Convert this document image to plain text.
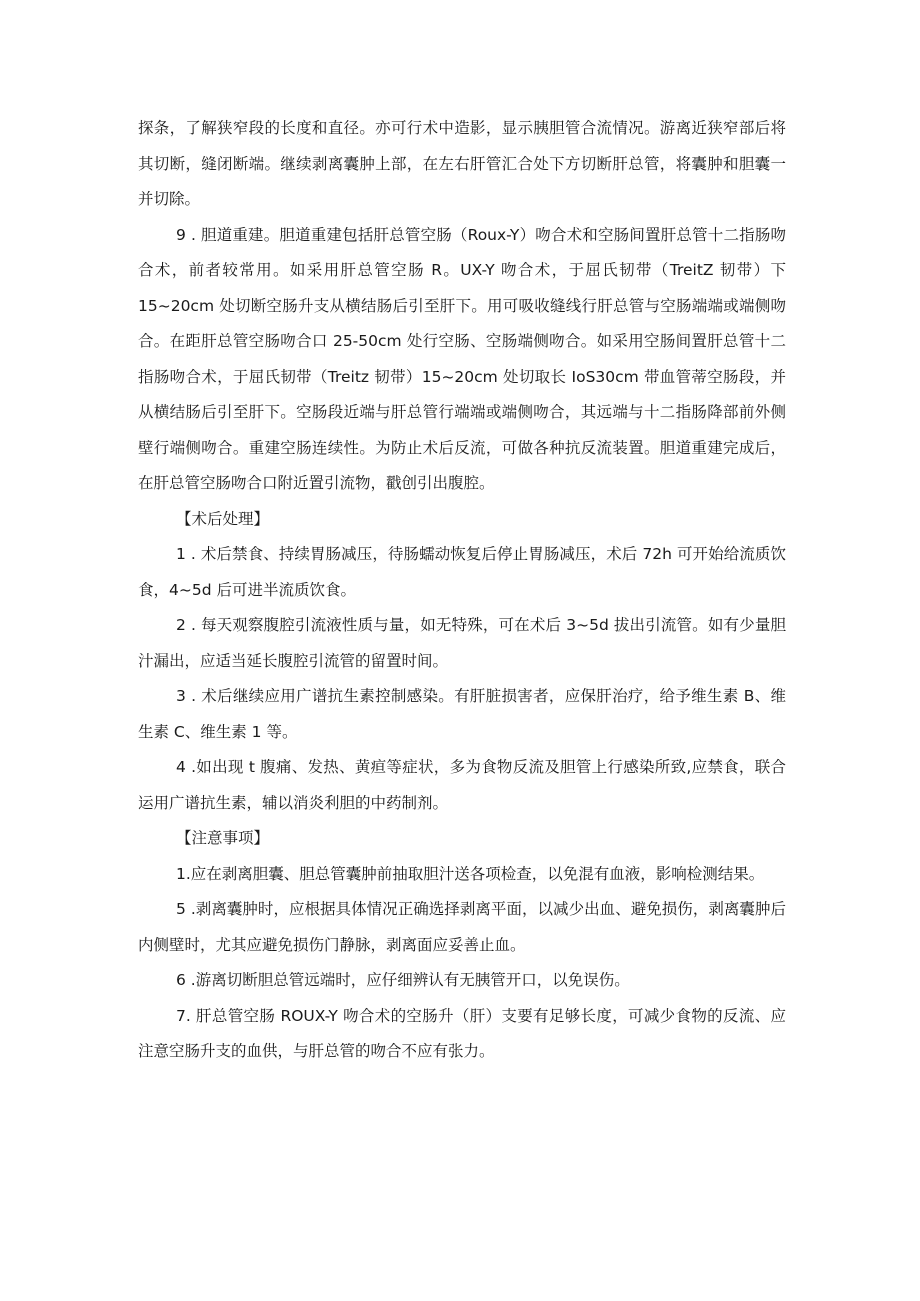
探条，了解狭窄段的长度和直径。亦可行术中造影，显示胰胆管合流情况。游离近狭窄部后将其切断，缝闭断端。继续剥离囊肿上部，在左右肝管汇合处下方切断肝总管，将囊肿和胆囊一并切除。

9 . 胆道重建。胆道重建包括肝总管空肠（Roux-Y）吻合术和空肠间置肝总管十二指肠吻合术，前者较常用。如采用肝总管空肠 R。UX-Y 吻合术，于屈氏韧带（TreitZ 韧带）下 15~20cm 处切断空肠升支从横结肠后引至肝下。用可吸收缝线行肝总管与空肠端端或端侧吻合。在距肝总管空肠吻合口 25-50cm 处行空肠、空肠端侧吻合。如采用空肠间置肝总管十二指肠吻合术，于屈氏韧带（Treitz 韧带）15~20cm 处切取长 IoS30cm 带血管蒂空肠段，并从横结肠后引至肝下。空肠段近端与肝总管行端端或端侧吻合，其远端与十二指肠降部前外侧壁行端侧吻合。重建空肠连续性。为防止术后反流，可做各种抗反流装置。胆道重建完成后，在肝总管空肠吻合口附近置引流物，戳创引出腹腔。

【术后处理】

1 . 术后禁食、持续胃肠减压，待肠蠕动恢复后停止胃肠减压，术后 72h 可开始给流质饮食，4~5d 后可进半流质饮食。

2 . 每天观察腹腔引流液性质与量，如无特殊，可在术后 3~5d 拔出引流管。如有少量胆汁漏出，应适当延长腹腔引流管的留置时间。

3 . 术后继续应用广谱抗生素控制感染。有肝脏损害者，应保肝治疗，给予维生素 B、维生素 C、维生素 1 等。

4 .如出现 t 腹痛、发热、黄疸等症状，多为食物反流及胆管上行感染所致,应禁食，联合运用广谱抗生素，辅以消炎利胆的中药制剂。

【注意事项】

1.应在剥离胆囊、胆总管囊肿前抽取胆汁送各项检查，以免混有血液，影响检测结果。

5 .剥离囊肿时，应根据具体情况正确选择剥离平面，以减少出血、避免损伤，剥离囊肿后内侧壁时，尤其应避免损伤门静脉，剥离面应妥善止血。

6 .游离切断胆总管远端时，应仔细辨认有无胰管开口，以免误伤。

7. 肝总管空肠 ROUX-Y 吻合术的空肠升（肝）支要有足够长度，可减少食物的反流、应注意空肠升支的血供，与肝总管的吻合不应有张力。
